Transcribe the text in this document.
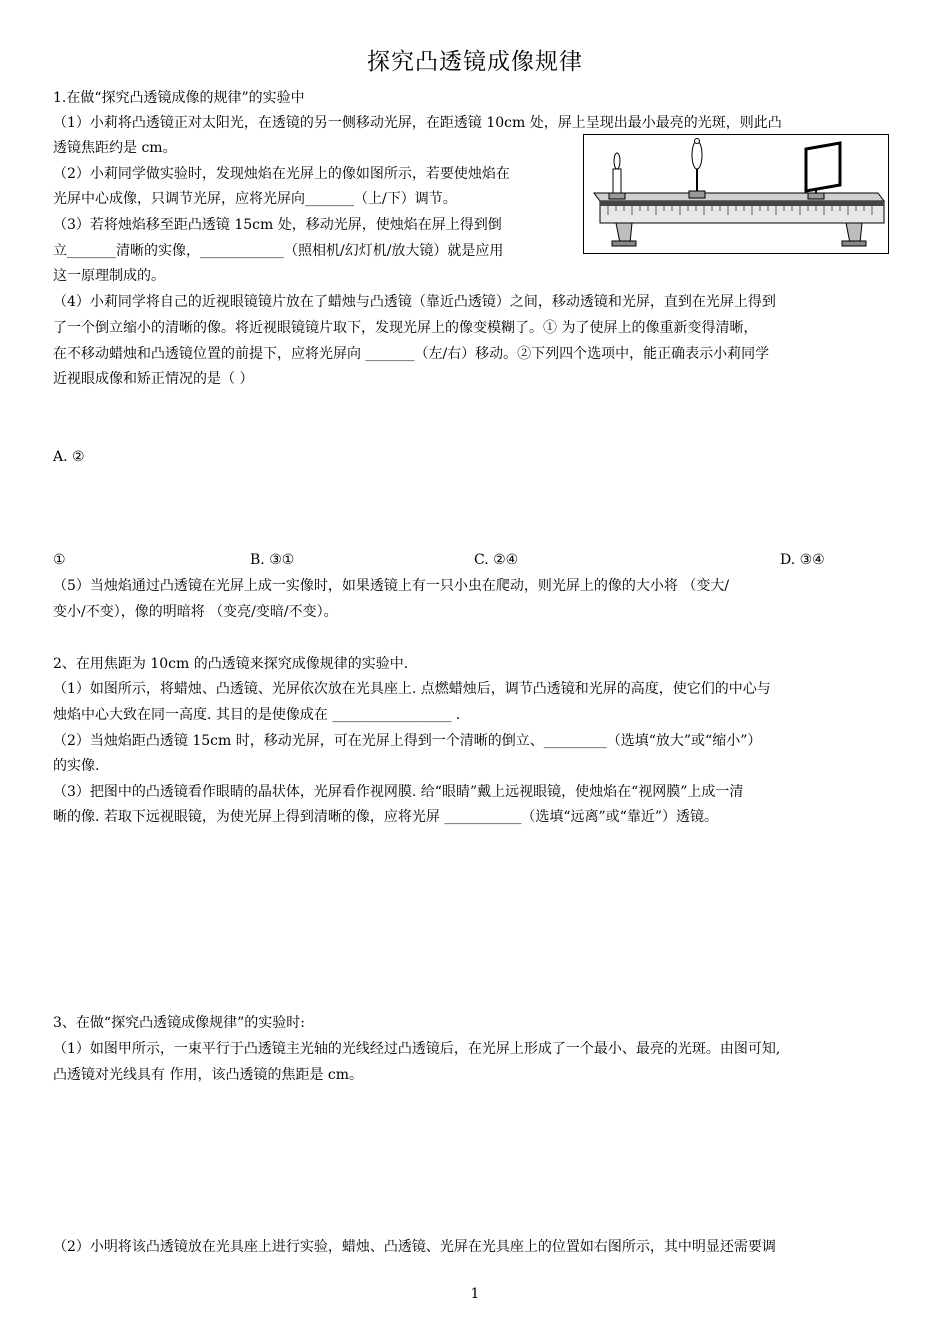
探究凸透镜成像规律
1.在做“探究凸透镜成像的规律”的实验中
（1）小莉将凸透镜正对太阳光，在透镜的另一侧移动光屏，在距透镜 10cm 处，屏上呈现出最小最亮的光斑，则此凸
透镜焦距约是 cm。
（2）小莉同学做实验时，发现烛焰在光屏上的像如图所示，若要使烛焰在
光屏中心成像，只调节光屏，应将光屏向_______（上/下）调节。
（3）若将烛焰移至距凸透镜 15cm 处，移动光屏，使烛焰在屏上得到倒
立_______清晰的实像，____________（照相机/幻灯机/放大镜）就是应用
这一原理制成的。
（4）小莉同学将自己的近视眼镜镜片放在了蜡烛与凸透镜（靠近凸透镜）之间，移动透镜和光屏，直到在光屏上得到
了一个倒立缩小的清晰的像。将近视眼镜镜片取下，发现光屏上的像变模糊了。① 为了使屏上的像重新变得清晰，
在不移动蜡烛和凸透镜位置的前提下，应将光屏向 _______（左/右）移动。②下列四个选项中，能正确表示小莉同学
近视眼成像和矫正情况的是（ ）
A. ②
①	B. ③①	C. ②④	D. ③④
（5）当烛焰通过凸透镜在光屏上成一实像时，如果透镜上有一只小虫在爬动，则光屏上的像的大小将 （变大/
变小/不变），像的明暗将 （变亮/变暗/不变）。
2、在用焦距为 10cm 的凸透镜来探究成像规律的实验中.
（1）如图所示，将蜡烛、凸透镜、光屏依次放在光具座上. 点燃蜡烛后，调节凸透镜和光屏的高度，使它们的中心与
烛焰中心大致在同一高度. 其目的是使像成在 _________________ .
（2）当烛焰距凸透镜 15cm 时，移动光屏，可在光屏上得到一个清晰的倒立、_________（选填“放大”或“缩小”）
的实像.
（3）把图中的凸透镜看作眼睛的晶状体，光屏看作视网膜. 给“眼睛”戴上远视眼镜，使烛焰在“视网膜”上成一清
晰的像. 若取下远视眼镜，为使光屏上得到清晰的像，应将光屏 ___________（选填“远离”或“靠近”）透镜。
3、在做“探究凸透镜成像规律”的实验时:
（1）如图甲所示，一束平行于凸透镜主光轴的光线经过凸透镜后，在光屏上形成了一个最小、最亮的光斑。由图可知,
凸透镜对光线具有 作用，该凸透镜的焦距是 cm。
（2）小明将该凸透镜放在光具座上进行实验，蜡烛、凸透镜、光屏在光具座上的位置如右图所示，其中明显还需要调
1
